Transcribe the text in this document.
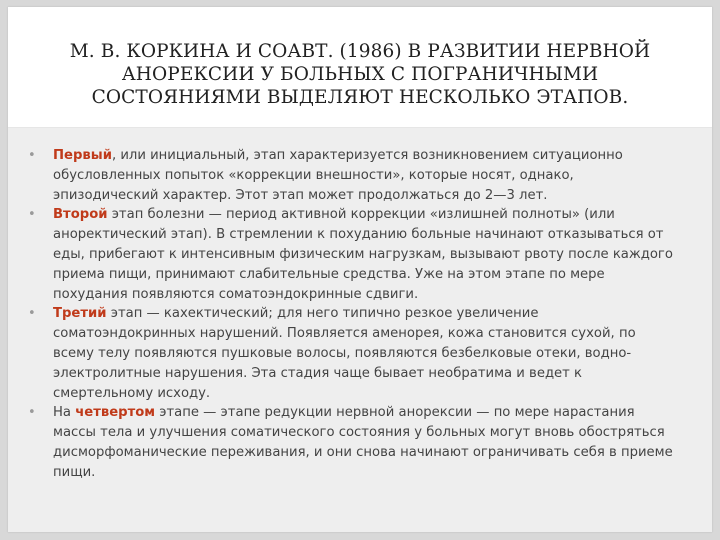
М. В. КОРКИНА И СОАВТ. (1986) В РАЗВИТИИ НЕРВНОЙ АНОРЕКСИИ У БОЛЬНЫХ С ПОГРАНИЧНЫМИ СОСТОЯНИЯМИ ВЫДЕЛЯЮТ НЕСКОЛЬКО ЭТАПОВ.
•	Первый, или инициальный, этап характеризуется возникновением ситуационно обусловленных попыток «коррекции внешности», которые носят, однако, эпизодический характер. Этот этап может продолжаться до 2—3 лет.
•	Второй этап болезни — период активной коррекции «излишней полноты» (или аноректический этап). В стремлении к похуданию больные начинают отказываться от еды, прибегают к интенсивным физическим нагрузкам, вызывают рвоту после каждого приема пищи, принимают слабительные средства. Уже на этом этапе по мере похудания появляются соматоэндокринные сдвиги.
•	Третий этап — кахектический; для него типично резкое увеличение соматоэндокринных нарушений. Появляется аменорея, кожа становится сухой, по всему телу появляются пушковые волосы, появляются безбелковые отеки, водно-электролитные нарушения. Эта стадия чаще бывает необратима и ведет к смертельному исходу.
•	На четвертом этапе — этапе редукции нервной анорексии — по мере нарастания массы тела и улучшения соматического состояния у больных могут вновь обостряться дисморфоманические переживания, и они снова начинают ограничивать себя в приеме пищи.
